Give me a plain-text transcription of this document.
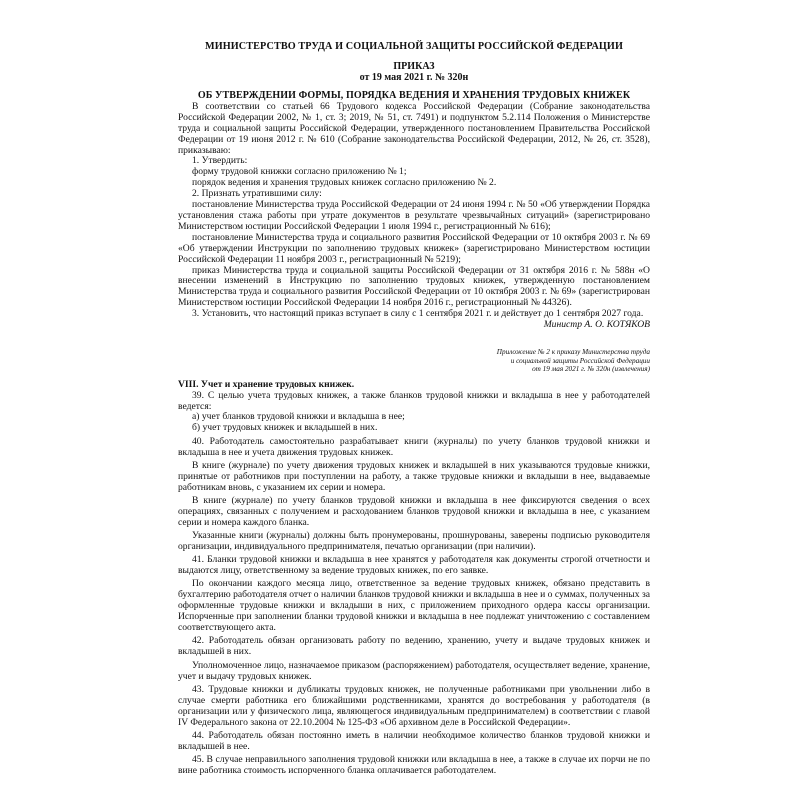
МИНИСТЕРСТВО ТРУДА И СОЦИАЛЬНОЙ ЗАЩИТЫ РОССИЙСКОЙ ФЕДЕРАЦИИ
ПРИКАЗ
от 19 мая 2021 г. № 320н
ОБ УТВЕРЖДЕНИИ ФОРМЫ, ПОРЯДКА ВЕДЕНИЯ И ХРАНЕНИЯ ТРУДОВЫХ КНИЖЕК

В соответствии со статьей 66 Трудового кодекса Российской Федерации (Собрание законодательства Российской Федерации 2002, № 1, ст. 3; 2019, № 51, ст. 7491) и подпунктом 5.2.114 Положения о Министерстве труда и социальной защиты Российской Федерации, утвержденного постановлением Правительства Российской Федерации от 19 июня 2012 г. № 610 (Собрание законодательства Российской Федерации, 2012, № 26, ст. 3528), приказываю:

1. Утвердить:

форму трудовой книжки согласно приложению № 1;

порядок ведения и хранения трудовых книжек согласно приложению № 2.

2. Признать утратившими силу:

постановление Министерства труда Российской Федерации от 24 июня 1994 г. № 50 «Об утверждении Порядка установления стажа работы при утрате документов в результате чрезвычайных ситуаций» (зарегистрировано Министерством юстиции Российской Федерации 1 июля 1994 г., регистрационный № 616);

постановление Министерства труда и социального развития Российской Федерации от 10 октября 2003 г. № 69 «Об утверждении Инструкции по заполнению трудовых книжек» (зарегистрировано Министерством юстиции Российской Федерации 11 ноября 2003 г., регистрационный № 5219);

приказ Министерства труда и социальной защиты Российской Федерации от 31 октября 2016 г. № 588н «О внесении изменений в Инструкцию по заполнению трудовых книжек, утвержденную постановлением Министерства труда и социального развития Российской Федерации от 10 октября 2003 г. № 69» (зарегистрирован Министерством юстиции Российской Федерации 14 ноября 2016 г., регистрационный № 44326).

3. Установить, что настоящий приказ вступает в силу с 1 сентября 2021 г. и действует до 1 сентября 2027 года.

Министр А. О. КОТЯКОВ

Приложение № 2 к приказу Министерства труда
и социальной защиты Российской Федерации
от 19 мая 2021 г. № 320н (извлечения)

VIII. Учет и хранение трудовых книжек.

39. С целью учета трудовых книжек, а также бланков трудовой книжки и вкладыша в нее у работодателей ведется:

а) учет бланков трудовой книжки и вкладыша в нее;

б) учет трудовых книжек и вкладышей в них.

40. Работодатель самостоятельно разрабатывает книги (журналы) по учету бланков трудовой книжки и вкладыша в нее и учета движения трудовых книжек.

В книге (журнале) по учету движения трудовых книжек и вкладышей в них указываются трудовые книжки, принятые от работников при поступлении на работу, а также трудовые книжки и вкладыши в нее, выдаваемые работникам вновь, с указанием их серии и номера.

В книге (журнале) по учету бланков трудовой книжки и вкладыша в нее фиксируются сведения о всех операциях, связанных с получением и расходованием бланков трудовой книжки и вкладыша в нее, с указанием серии и номера каждого бланка.

Указанные книги (журналы) должны быть пронумерованы, прошнурованы, заверены подписью руководителя организации, индивидуального предпринимателя, печатью организации (при наличии).

41. Бланки трудовой книжки и вкладыша в нее хранятся у работодателя как документы строгой отчетности и выдаются лицу, ответственному за ведение трудовых книжек, по его заявке.

По окончании каждого месяца лицо, ответственное за ведение трудовых книжек, обязано представить в бухгалтерию работодателя отчет о наличии бланков трудовой книжки и вкладыша в нее и о суммах, полученных за оформленные трудовые книжки и вкладыши в них, с приложением приходного ордера кассы организации. Испорченные при заполнении бланки трудовой книжки и вкладыша в нее подлежат уничтожению с составлением соответствующего акта.

42. Работодатель обязан организовать работу по ведению, хранению, учету и выдаче трудовых книжек и вкладышей в них.

Уполномоченное лицо, назначаемое приказом (распоряжением) работодателя, осуществляет ведение, хранение, учет и выдачу трудовых книжек.

43. Трудовые книжки и дубликаты трудовых книжек, не полученные работниками при увольнении либо в случае смерти работника его ближайшими родственниками, хранятся до востребования у работодателя (в организации или у физического лица, являющегося индивидуальным предпринимателем) в соответствии с главой IV Федерального закона от 22.10.2004 № 125-ФЗ «Об архивном деле в Российской Федерации».

44. Работодатель обязан постоянно иметь в наличии необходимое количество бланков трудовой книжки и вкладышей в нее.

45. В случае неправильного заполнения трудовой книжки или вкладыша в нее, а также в случае их порчи не по вине работника стоимость испорченного бланка оплачивается работодателем.
